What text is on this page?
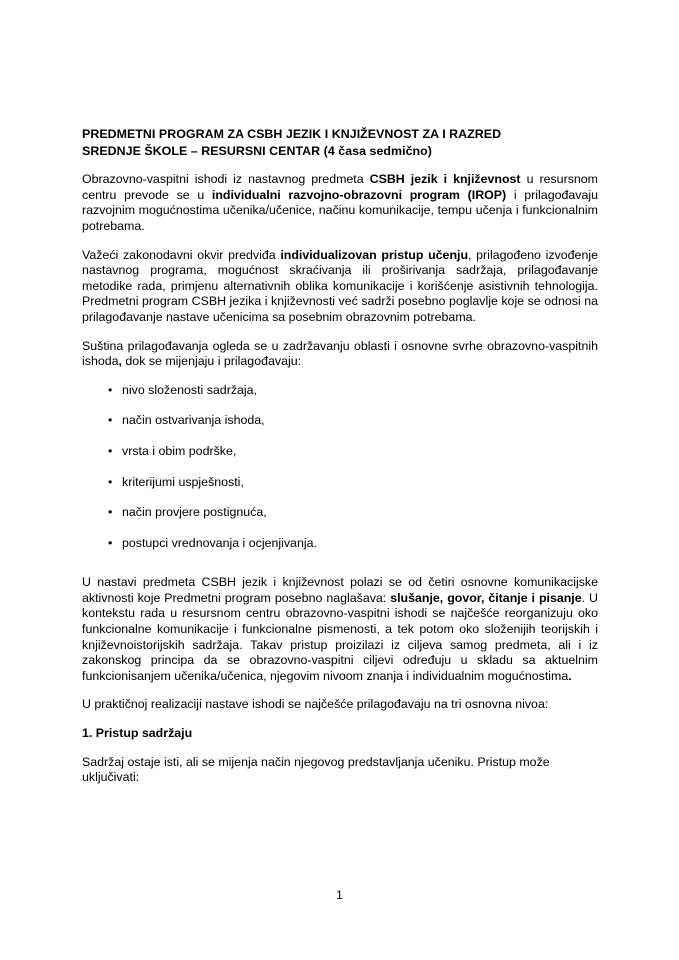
PREDMETNI PROGRAM ZA CSBH JEZIK I KNJIŽEVNOST ZA I RAZRED
SREDNJE ŠKOLE – RESURSNI CENTAR (4 časa sedmično)

Obrazovno-vaspitni ishodi iz nastavnog predmeta CSBH jezik i književnost u resursnom centru prevode se u individualni razvojno-obrazovni program (IROP) i prilagođavaju razvojnim mogućnostima učenika/učenice, načinu komunikacije, tempu učenja i funkcionalnim potrebama.

Važeći zakonodavni okvir predviđa individualizovan pristup učenju, prilagođeno izvođenje nastavnog programa, mogućnost skraćivanja ili proširivanja sadržaja, prilagođavanje metodike rada, primjenu alternativnih oblika komunikacije i korišćenje asistivnih tehnologija. Predmetni program CSBH jezika i književnosti već sadrži posebno poglavlje koje se odnosi na prilagođavanje nastave učenicima sa posebnim obrazovnim potrebama.

Suština prilagođavanja ogleda se u zadržavanju oblasti i osnovne svrhe obrazovno-vaspitnih ishoda, dok se mijenjaju i prilagođavaju:

• nivo složenosti sadržaja,
• način ostvarivanja ishoda,
• vrsta i obim podrške,
• kriterijumi uspješnosti,
• način provjere postignuća,
• postupci vrednovanja i ocjenjivanja.

U nastavi predmeta CSBH jezik i književnost polazi se od četiri osnovne komunikacijske aktivnosti koje Predmetni program posebno naglašava: slušanje, govor, čitanje i pisanje. U kontekstu rada u resursnom centru obrazovno-vaspitni ishodi se najčešće reorganizuju oko funkcionalne komunikacije i funkcionalne pismenosti, a tek potom oko složenijih teorijskih i književnoistorijskih sadržaja. Takav pristup proizilazi iz ciljeva samog predmeta, ali i iz zakonskog principa da se obrazovno-vaspitni ciljevi određuju u skladu sa aktuelnim funkcionisanjem učenika/učenica, njegovim nivoom znanja i individualnim mogućnostima.

U praktičnoj realizaciji nastave ishodi se najčešće prilagođavaju na tri osnovna nivoa:

1. Pristup sadržaju

Sadržaj ostaje isti, ali se mijenja način njegovog predstavljanja učeniku. Pristup može uključivati:

1
